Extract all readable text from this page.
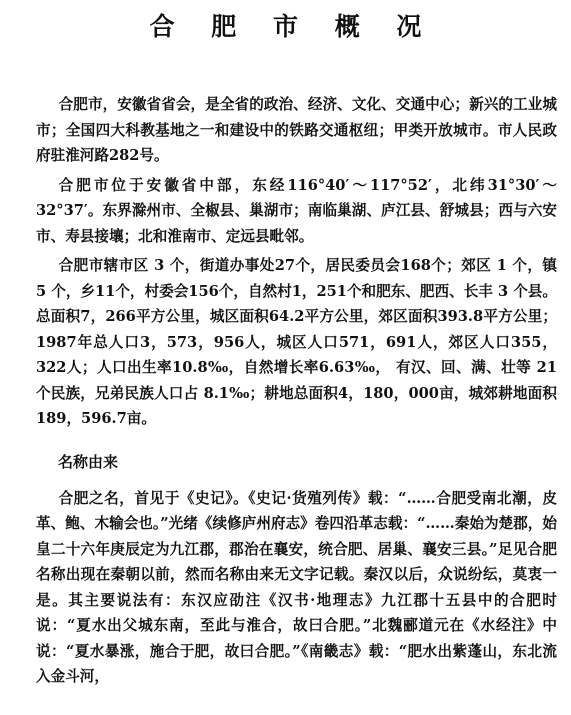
合 肥 市 概 况

合肥市，安徽省省会，是全省的政治、经济、文化、交通中心；新兴的工业城市；全国四大科教基地之一和建设中的铁路交通枢纽；甲类开放城市。市人民政府驻淮河路282号。

合肥市位于安徽省中部，东经116°40′～117°52′，北纬31°30′～32°37′。东界滁州市、全椒县、巢湖市；南临巢湖、庐江县、舒城县；西与六安市、寿县接壤；北和淮南市、定远县毗邻。

合肥市辖市区 3 个，街道办事处27个，居民委员会168个；郊区 1 个，镇 5 个，乡11个，村委会156个，自然村1，251个和肥东、肥西、长丰 3 个县。总面积7，266平方公里，城区面积64.2平方公里，郊区面积393.8平方公里；1987年总人口3，573，956人，城区人口571，691人，郊区人口355，322人；人口出生率10.8‰，自然增长率6.63‰， 有汉、回、满、壮等 21 个民族，兄弟民族人口占 8.1‰；耕地总面积4，180，000亩，城郊耕地面积189，596.7亩。

名称由来

合肥之名，首见于《史记》。《史记·货殖列传》载：“……合肥受南北潮，皮革、鲍、木输会也。”光绪《续修庐州府志》卷四沿革志载：“……秦始为楚郡，始皇二十六年庚辰定为九江郡，郡治在襄安，统合肥、居巢、襄安三县。”足见合肥名称出现在秦朝以前，然而名称由来无文字记载。秦汉以后，众说纷纭，莫衷一是。其主要说法有：东汉应劭注《汉书·地理志》九江郡十五县中的合肥时说：“夏水出父城东南，至此与淮合，故曰合肥。”北魏郦道元在《水经注》中说：“夏水暴涨，施合于肥，故曰合肥。”《南畿志》载：“肥水出紫蓬山，东北流入金斗河，
